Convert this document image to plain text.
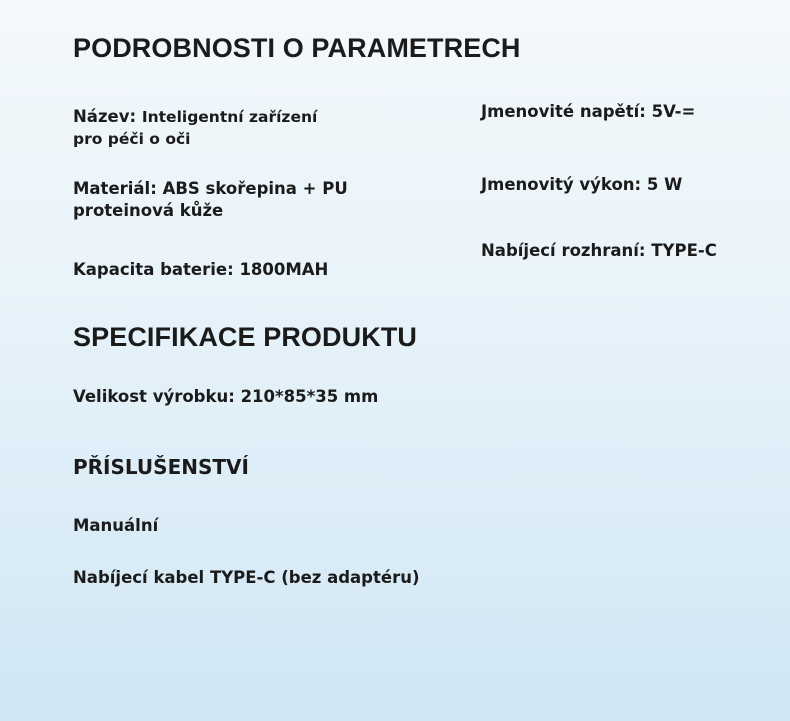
PODROBNOSTI O PARAMETRECH
Název: Inteligentní zařízení
pro péči o oči
Materiál: ABS skořepina + PU
proteinová kůže
Kapacita baterie: 1800MAH
Jmenovité napětí: 5V-=
Jmenovitý výkon: 5 W
Nabíjecí rozhraní: TYPE-C
SPECIFIKACE PRODUKTU
Velikost výrobku: 210*85*35 mm
PŘÍSLUŠENSTVÍ
Manuální
Nabíjecí kabel TYPE-C (bez adaptéru)
